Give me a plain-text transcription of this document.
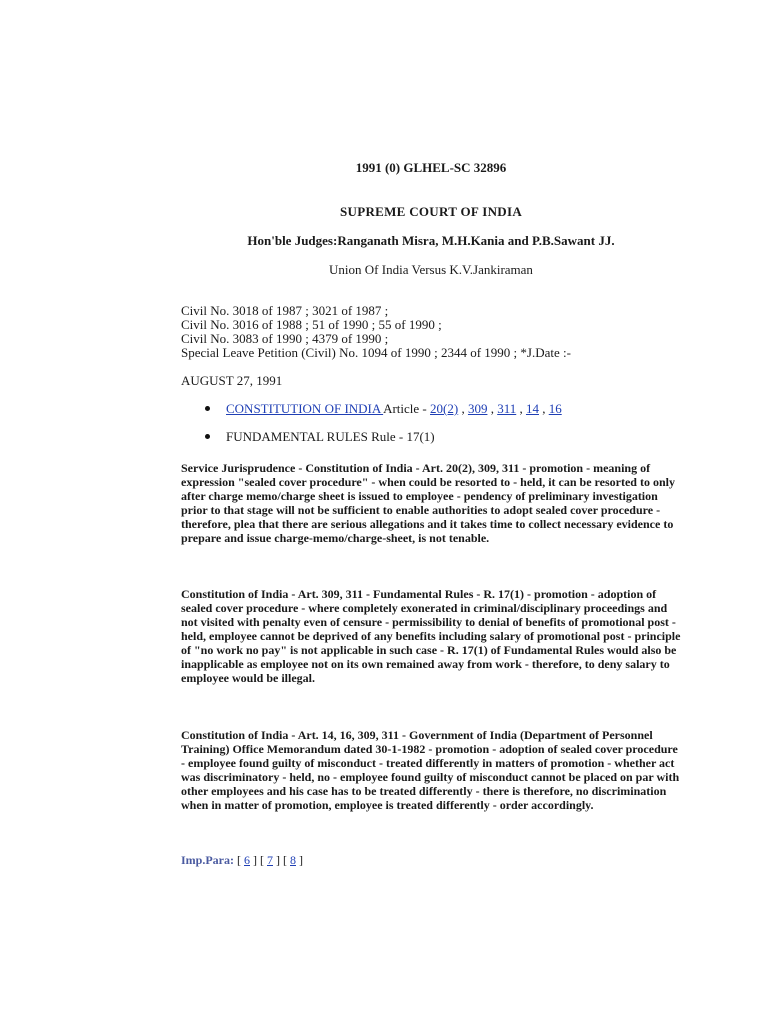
1991 (0) GLHEL-SC 32896
SUPREME COURT OF INDIA
Hon'ble Judges:Ranganath Misra, M.H.Kania and P.B.Sawant JJ.
Union Of India Versus K.V.Jankiraman
Civil No. 3018 of 1987 ; 3021 of 1987 ;
Civil No. 3016 of 1988 ; 51 of 1990 ; 55 of 1990 ;
Civil No. 3083 of 1990 ; 4379 of 1990 ;
Special Leave Petition (Civil) No. 1094 of 1990 ; 2344 of 1990 ; *J.Date :-
AUGUST 27, 1991
CONSTITUTION OF INDIA Article - 20(2) , 309 , 311 , 14 , 16
FUNDAMENTAL RULES Rule - 17(1)

Service Jurisprudence - Constitution of India - Art. 20(2), 309, 311 - promotion - meaning of expression "sealed cover procedure" - when could be resorted to - held, it can be resorted to only after charge memo/charge sheet is issued to employee - pendency of preliminary investigation prior to that stage will not be sufficient to enable authorities to adopt sealed cover procedure - therefore, plea that there are serious allegations and it takes time to collect necessary evidence to prepare and issue charge-memo/charge-sheet, is not tenable.

Constitution of India - Art. 309, 311 - Fundamental Rules - R. 17(1) - promotion - adoption of sealed cover procedure - where completely exonerated in criminal/disciplinary proceedings and not visited with penalty even of censure - permissibility to denial of benefits of promotional post - held, employee cannot be deprived of any benefits including salary of promotional post - principle of "no work no pay" is not applicable in such case - R. 17(1) of Fundamental Rules would also be inapplicable as employee not on its own remained away from work - therefore, to deny salary to employee would be illegal.

Constitution of India - Art. 14, 16, 309, 311 - Government of India (Department of Personnel Training) Office Memorandum dated 30-1-1982 - promotion - adoption of sealed cover procedure - employee found guilty of misconduct - treated differently in matters of promotion - whether act was discriminatory - held, no - employee found guilty of misconduct cannot be placed on par with other employees and his case has to be treated differently - there is therefore, no discrimination when in matter of promotion, employee is treated differently - order accordingly.

Imp.Para: [ 6 ] [ 7 ] [ 8 ]
